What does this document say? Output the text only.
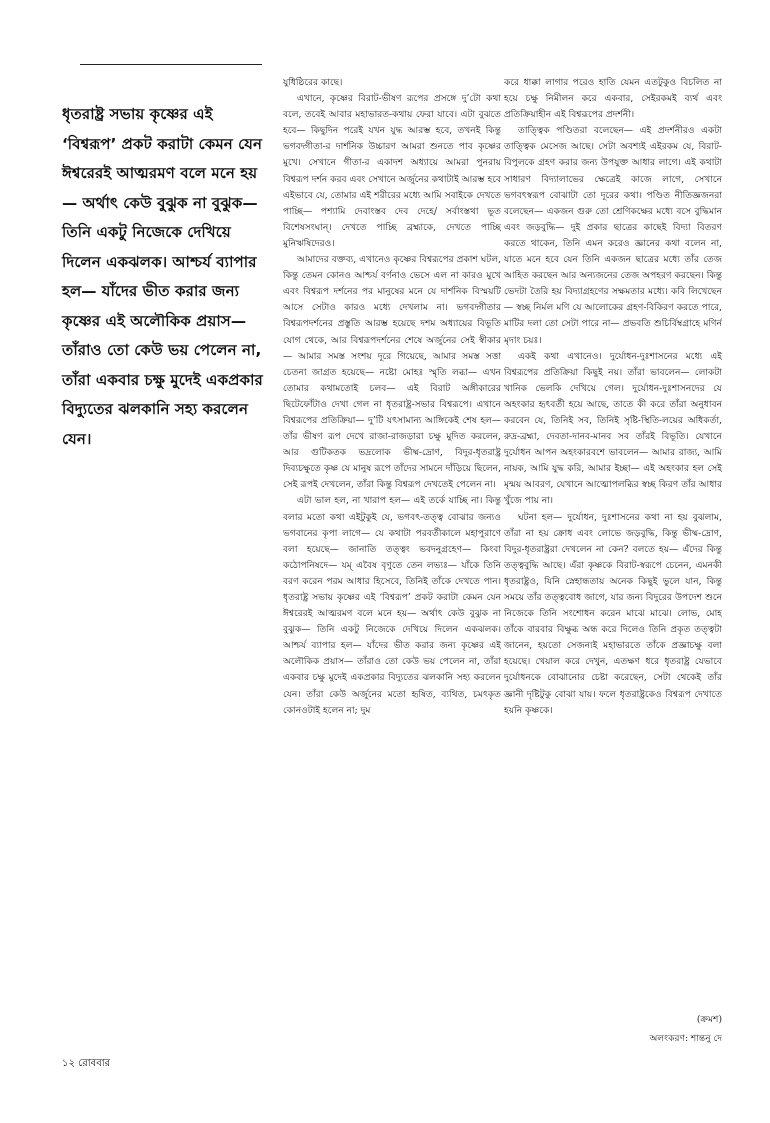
ধৃতরাষ্ট্র সভায় কৃষ্ণের এই ‘বিশ্বরূপ’ প্রকট করাটা কেমন যেন ঈশ্বরেরই আত্মরমণ বলে মনে হয়— অর্থাৎ কেউ বুঝুক না বুঝুক— তিনি একটু নিজেকে দেখিয়ে দিলেন একঝলক। আশ্চর্য ব্যাপার হল— যাঁদের ভীত করার জন্য কৃষ্ণের এই অলৌকিক প্রয়াস— তাঁরাও তো কেউ ভয় পেলেন না, তাঁরা একবার চক্ষু মুদেই একপ্রকার বিদ্যুতের ঝলকানি সহ্য করলেন যেন।

যুধিষ্ঠিরের কাছে।

এখানে, কৃষ্ণের বিরাট-ভীষণ রূপের প্রসঙ্গে দু’টো কথা বলে, তবেই আবার মহাভারত-কথায় ফেরা যাবে। এটা বুঝতে হবে— কিছুদিন পরেই যখন যুদ্ধ আরম্ভ হবে, তখনই কিন্তু ভগবদ্গীতা-র দার্শনিক উচ্চারণ আমরা শুনতে পাব কৃষ্ণের মুখে। সেখানে গীতা-র একাদশ অধ্যায়ে আমরা পুনরায় বিশ্বরূপ দর্শন করব এবং সেখানে অর্জুনের কথাটাই আরম্ভ হবে এইভাবে যে, তোমার এই শরীরের মধ্যে আমি সবাইকে দেখতে পাচ্ছি— পশ্যামি দেবাংস্তব দেব দেহে/ সর্বাংস্তথা ভূত বিশেষসংঘান্। দেখতে পাচ্ছি ব্রহ্মাকে, দেখতে পাচ্ছি মুনিঋষিদেরও।

আমাদের বক্তব্য, এখানেও কৃষ্ণের বিশ্বরূপের প্রকাশ ঘটল, কিন্তু তেমন কোনও আশ্চর্য বর্ণনাও ভেসে এল না কারও মুখে এবং বিশ্বরূপ দর্শনের পর মানুষের মনে যে দার্শনিক বিস্ময়টি আসে সেটাও কারও মধ্যে দেখলাম না। ভগবদ্গীতার বিশ্বরূপদর্শনের প্রস্তুতি আরম্ভ হয়েছে দশম অধ্যায়ের বিভূতি যোগ থেকে, আর বিশ্বরূপদর্শনের শেষে অর্জুনের সেই স্বীকার— আমার সমস্ত সংশয় দূরে গিয়েছে, আমার সমস্ত সত্তা চেতনা জাগ্রত হয়েছে— নষ্টো মোহঃ স্মৃতি লব্ধা— এখন তোমার কথামতোই চলব— এই বিরাট অঙ্গীকারের ছিটেফোঁটাও দেখা গেল না ধৃতরাষ্ট্র-সভার বিশ্বরূপে। এখানে বিশ্বরূপের প্রতিক্রিয়া— দু’টি যৎসামান্য আঙ্গিকেই শেষ হল— তাঁর ভীষণ রূপ দেখে রাজা-রাজড়ারা চক্ষু মুদিত করলেন, আর গুটিকতক ভদ্রলোক ভীষ্ম-দ্রোণ, বিদুর-ধৃতরাষ্ট্র দিব্যচক্ষুতে কৃষ্ণ যে মানুষ রূপে তাঁদের সামনে দাঁড়িয়ে ছিলেন, সেই রূপই দেখলেন, তাঁরা কিন্তু বিশ্বরূপ দেখতেই পেলেন না।

এটা ভাল হল, না খারাপ হল— এই তর্কে যাচ্ছি না। কিন্তু বলার মতো কথা এইটুকুই যে, ভগবৎ-তত্ত্ব বোঝার জন্যও ভগবানের কৃপা লাগে— যে কথাটা পরবর্তীকালে মহাপুরাণে বলা হয়েছে— জানাতি তত্ত্বং ভবদনুগ্রহেণ— কিংবা কঠোপনিষদে— যম্ এবৈষ বৃণুতে তেন লভ্যঃ— যাঁকে তিনি বরণ করেন পরম আধার হিসেবে, তিনিই তাঁকে দেখতে পান। ধৃতরাষ্ট্র সভায় কৃষ্ণের এই ‘বিশ্বরূপ’ প্রকট করাটা কেমন যেন ঈশ্বরেরই আত্মরমণ বলে মনে হয়— অর্থাৎ কেউ বুঝুক না বুঝুক— তিনি একটু নিজেকে দেখিয়ে দিলেন একঝলক। আশ্চর্য ব্যাপার হল— যাঁদের ভীত করার জন্য কৃষ্ণের এই অলৌকিক প্রয়াস— তাঁরাও তো কেউ ভয় পেলেন না, তাঁরা একবার চক্ষু মুদেই একপ্রকার বিদ্যুতের ঝলকানি সহ্য করলেন যেন। তাঁরা কেউ অর্জুনের মতো হৃষিত, ব্যথিত, চমৎকৃত কোনওটাই হলেন না; দুম

করে ধাক্কা লাগার পরেও হাতি যেমন এতটুকুও বিচলিত না হয়ে চক্ষু নিমীলন করে একবার, সেইরকমই ব্যর্থ এবং প্রতিক্রিয়াহীন এই বিশ্বরূপের প্রদর্শনী।

তাত্ত্বিক পণ্ডিতরা বলেছেন— এই প্রদর্শনীরও একটা তাত্ত্বিক মেসেজ আছে। সেটা অবশ্যই এইরকম যে, বিরাট-বিপুলকে গ্রহণ করার জন্য উপযুক্ত আধার লাগে। এই কথাটা সাধারণ বিদ্যালাভের ক্ষেত্রেই কাজে লাগে, সেখানে ভগবৎস্বরূপ বোঝাটা তো দূরের কথা। পণ্ডিত নীতিজ্ঞজনরা বলেছেন— একজন গুরু তো শ্রেণিকক্ষের মধ্যে বসে বুদ্ধিমান এবং জড়বুদ্ধি— দুই প্রকার ছাত্রের কাছেই বিদ্যা বিতরণ করতে থাকেন, তিনি এমন করেও জ্ঞানের কথা বলেন না, যাতে মনে হবে যেন তিনি একজন ছাত্রের মধ্যে তাঁর তেজ আহিত করছেন আর অন্যজনের তেজ অপহরণ করছেন। কিন্তু ভেদটা তৈরি হয় বিদ্যাগ্রহণের সক্ষমতার মধ্যে। কবি লিখেছেন— স্বচ্ছ নির্মল মণি যে আলোকের গ্রহণ-বিকিরণ করতে পারে, মাটির দলা তো সেটা পারে না— প্রভবতি শুচির্বিম্বগ্রাহে মণির্ন মৃদাং চয়ঃ।

একই কথা এখানেও। দুর্যোধন-দুঃশাসনের মধ্যে এই বিশ্বরূপের প্রতিক্রিয়া কিছুই নয়। তাঁরা ভাবলেন— লোকটা খানিক ভেলকি দেখিয়ে গেল। দুর্যোধন-দুঃশাসনদের যে অহংকার হৃৎবর্তী হয়ে আছে, তাতে কী করে তাঁরা অনুধাবন করবেন যে, তিনিই সব, তিনিই সৃষ্টি-স্থিতি-লয়ের অধিকর্তা, রুদ্র-ব্রহ্মা, দেবতা-দানব-মানব সব তাঁরই বিভূতি। যেখানে দুর্যোধন আপন অহংকারবশে ভাবলেন— আমার রাজ্য, আমি নায়ক, আমি যুদ্ধ করি, আমার ইচ্ছা— এই অহংকার হল সেই মৃন্ময় আবরণ, যেখানে আত্মোপলব্ধির স্বচ্ছ কিরণ তাঁর আধার খুঁজে পায় না।

ঘটনা হল— দুর্যোধন, দুঃশাসনের কথা না হয় বুঝলাম, তাঁরা না হয় ক্রোধ এবং লোভে জড়বুদ্ধি, কিন্তু ভীষ্ম-দ্রোণ, বিদুর-ধৃতরাষ্ট্ররা দেখলেন না কেন? বলতে হয়— এঁদের কিন্তু তত্ত্ববুদ্ধি আছে। এঁরা কৃষ্ণকে বিরাট-স্বরূপে চেনেন, এমনকী ধৃতরাষ্ট্রও, যিনি স্নেহান্ধতায় অনেক কিছুই ভুলে যান, কিন্তু সময়ে তাঁর তত্ত্ববোধ জাগে, যার জন্য বিদুরের উপদেশ শুনে নিজেকে তিনি সংশোধন করেন মাঝে মাঝে। লোভ, মোহ তাঁকে বারবার বিক্ষুব্ধ অন্ধ করে দিলেও তিনি প্রকৃত তত্ত্বটা জানেন, হয়তো সেজন্যই মহাভারতে তাঁকে প্রজ্ঞাচক্ষু বলা হয়েছে। খেয়াল করে দেখুন, এতক্ষণ ধরে ধৃতরাষ্ট্র যেভাবে দুর্যোধনকে বোঝানোর চেষ্টা করেছেন, সেটা থেকেই তাঁর জ্ঞানী দৃষ্টিটুকু বোঝা যায়। ফলে ধৃতরাষ্ট্রকেও বিশ্বরূপ দেখাতে হয়নি কৃষ্ণকে।

(ক্রমশ)
অলংকরণ: শান্তনু দে
১২ রোববার
